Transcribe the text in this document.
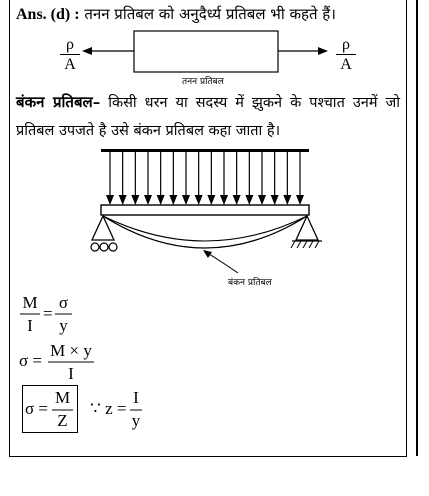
Ans. (d) : तनन प्रतिबल को अनुदैर्ध्य प्रतिबल भी कहते हैं।
$\frac{\rho}{A}$	$\frac{\rho}{A}$
तनन प्रतिबल
बंकन प्रतिबल– किसी धरन या सदस्य में झुकने के पश्चात उनमें जो प्रतिबल उपजते है उसे बंकन प्रतिबल कहा जाता है।
बंकन प्रतिबल
M
I
=
σ
y
σ =
M × y
I
σ =
M
Z
∵ z =
I
y
